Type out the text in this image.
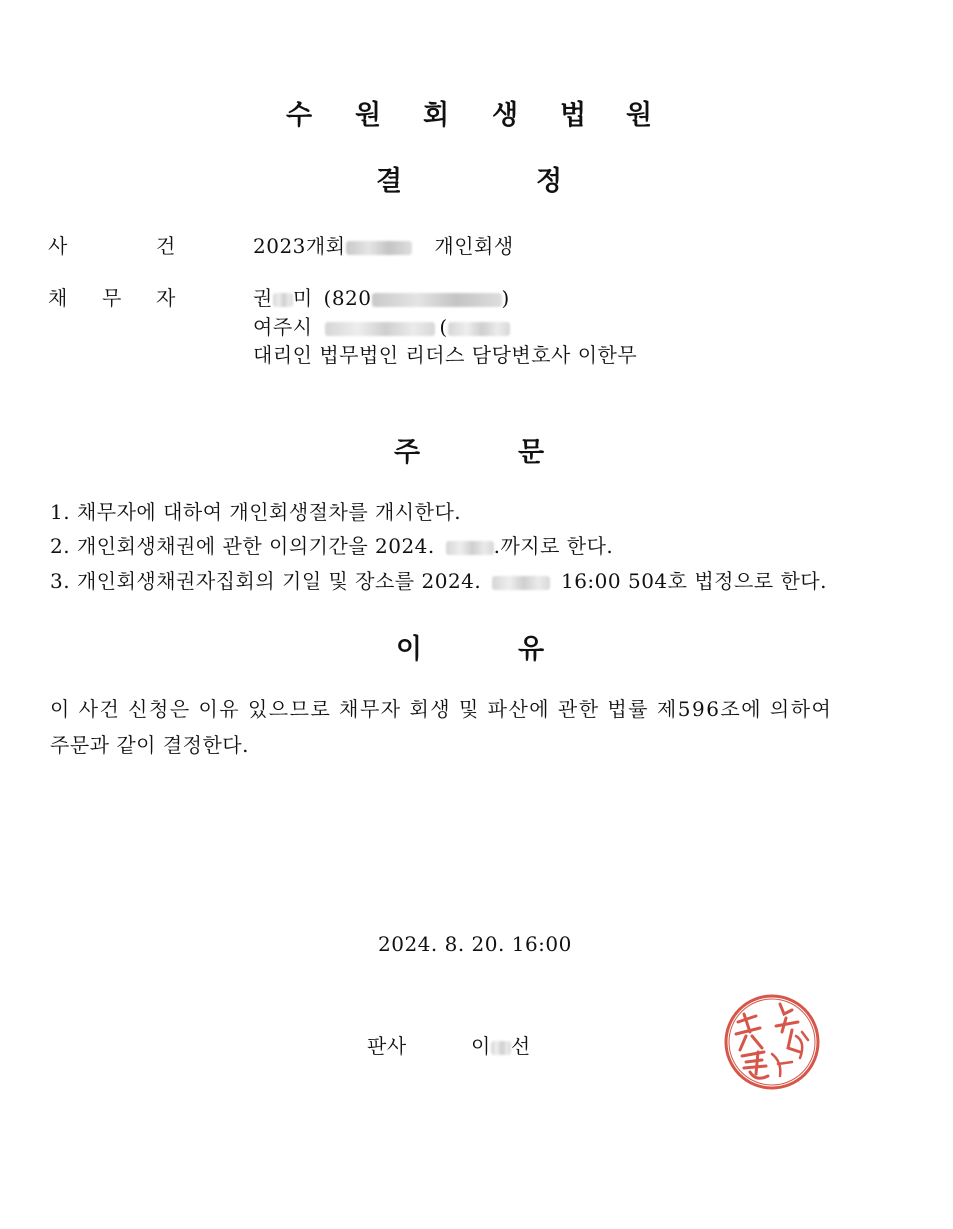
수 원 회 생 법 원
결	정
사	건	2023개회	개인회생
채 무 자	권 미 (820	)
여주시	(
대리인 법무법인 리더스 담당변호사 이한무
주	문
1. 채무자에 대하여 개인회생절차를 개시한다.
2. 개인회생채권에 관한 이의기간을 2024.	.까지로 한다.
3. 개인회생채권자집회의 기일 및 장소를 2024.	16:00 504호 법정으로 한다.
이	유
이 사건 신청은 이유 있으므로 채무자 회생 및 파산에 관한 법률 제596조에 의하여
주문과 같이 결정한다.
2024. 8. 20. 16:00
판사	이 선
